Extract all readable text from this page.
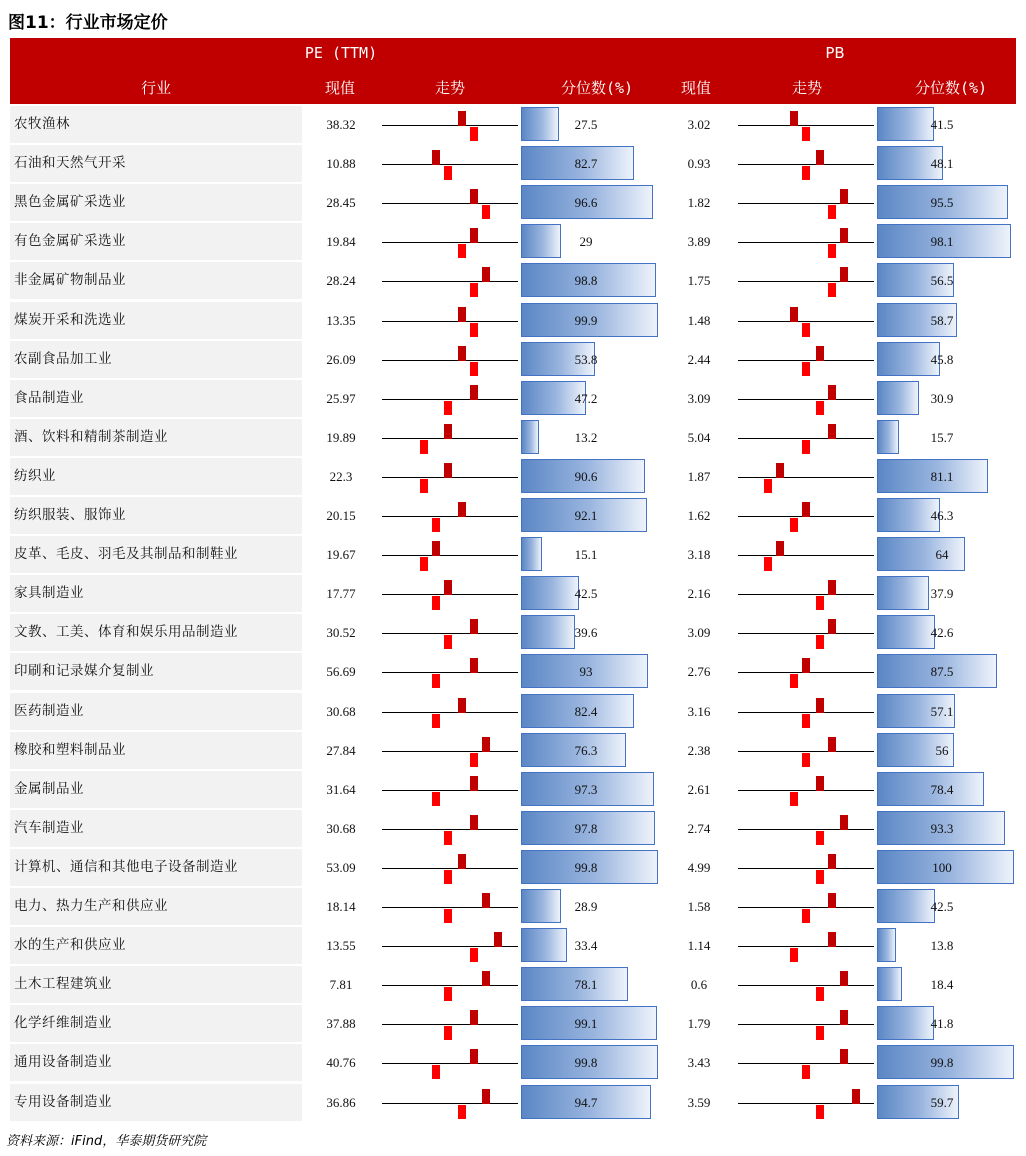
图11：行业市场定价
PE (TTM)	PB
行业	现值	走势	分位数(%)	现值	走势	分位数(%)
农牧渔林	38.32	27.5	3.02	41.5
石油和天然气开采	10.88	82.7	0.93	48.1
黑色金属矿采选业	28.45	96.6	1.82	95.5
有色金属矿采选业	19.84	29	3.89	98.1
非金属矿物制品业	28.24	98.8	1.75	56.5
煤炭开采和洗选业	13.35	99.9	1.48	58.7
农副食品加工业	26.09	53.8	2.44	45.8
食品制造业	25.97	47.2	3.09	30.9
酒、饮料和精制茶制造业	19.89	13.2	5.04	15.7
纺织业	22.3	90.6	1.87	81.1
纺织服装、服饰业	20.15	92.1	1.62	46.3
皮革、毛皮、羽毛及其制品和制鞋业	19.67	15.1	3.18	64
家具制造业	17.77	42.5	2.16	37.9
文教、工美、体育和娱乐用品制造业	30.52	39.6	3.09	42.6
印刷和记录媒介复制业	56.69	93	2.76	87.5
医药制造业	30.68	82.4	3.16	57.1
橡胶和塑料制品业	27.84	76.3	2.38	56
金属制品业	31.64	97.3	2.61	78.4
汽车制造业	30.68	97.8	2.74	93.3
计算机、通信和其他电子设备制造业	53.09	99.8	4.99	100
电力、热力生产和供应业	18.14	28.9	1.58	42.5
水的生产和供应业	13.55	33.4	1.14	13.8
土木工程建筑业	7.81	78.1	0.6	18.4
化学纤维制造业	37.88	99.1	1.79	41.8
通用设备制造业	40.76	99.8	3.43	99.8
专用设备制造业	36.86	94.7	3.59	59.7
资料来源：iFind，华泰期货研究院
